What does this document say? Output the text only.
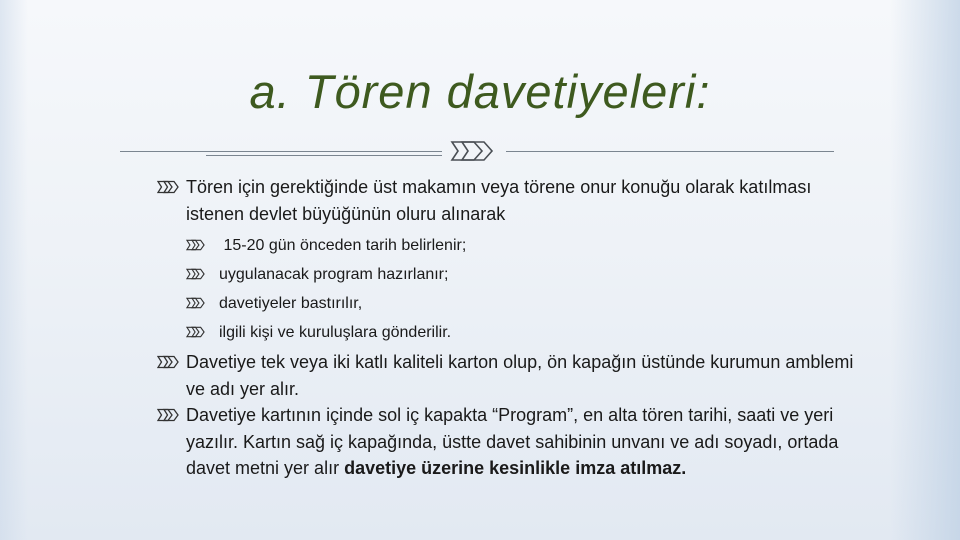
a. Tören davetiyeleri:

Tören için gerektiğinde üst makamın veya törene onur konuğu olarak katılması istenen devlet büyüğünün oluru alınarak

15-20 gün önceden tarih belirlenir;

uygulanacak program hazırlanır;

davetiyeler bastırılır,

ilgili kişi ve kuruluşlara gönderilir.

Davetiye tek veya iki katlı kaliteli karton olup, ön kapağın üstünde kurumun amblemi ve adı yer alır.

Davetiye kartının içinde sol iç kapakta “Program”, en alta tören tarihi, saati ve yeri yazılır. Kartın sağ iç kapağında, üstte davet sahibinin unvanı ve adı soyadı, ortada davet metni yer alır davetiye üzerine kesinlikle imza atılmaz.
